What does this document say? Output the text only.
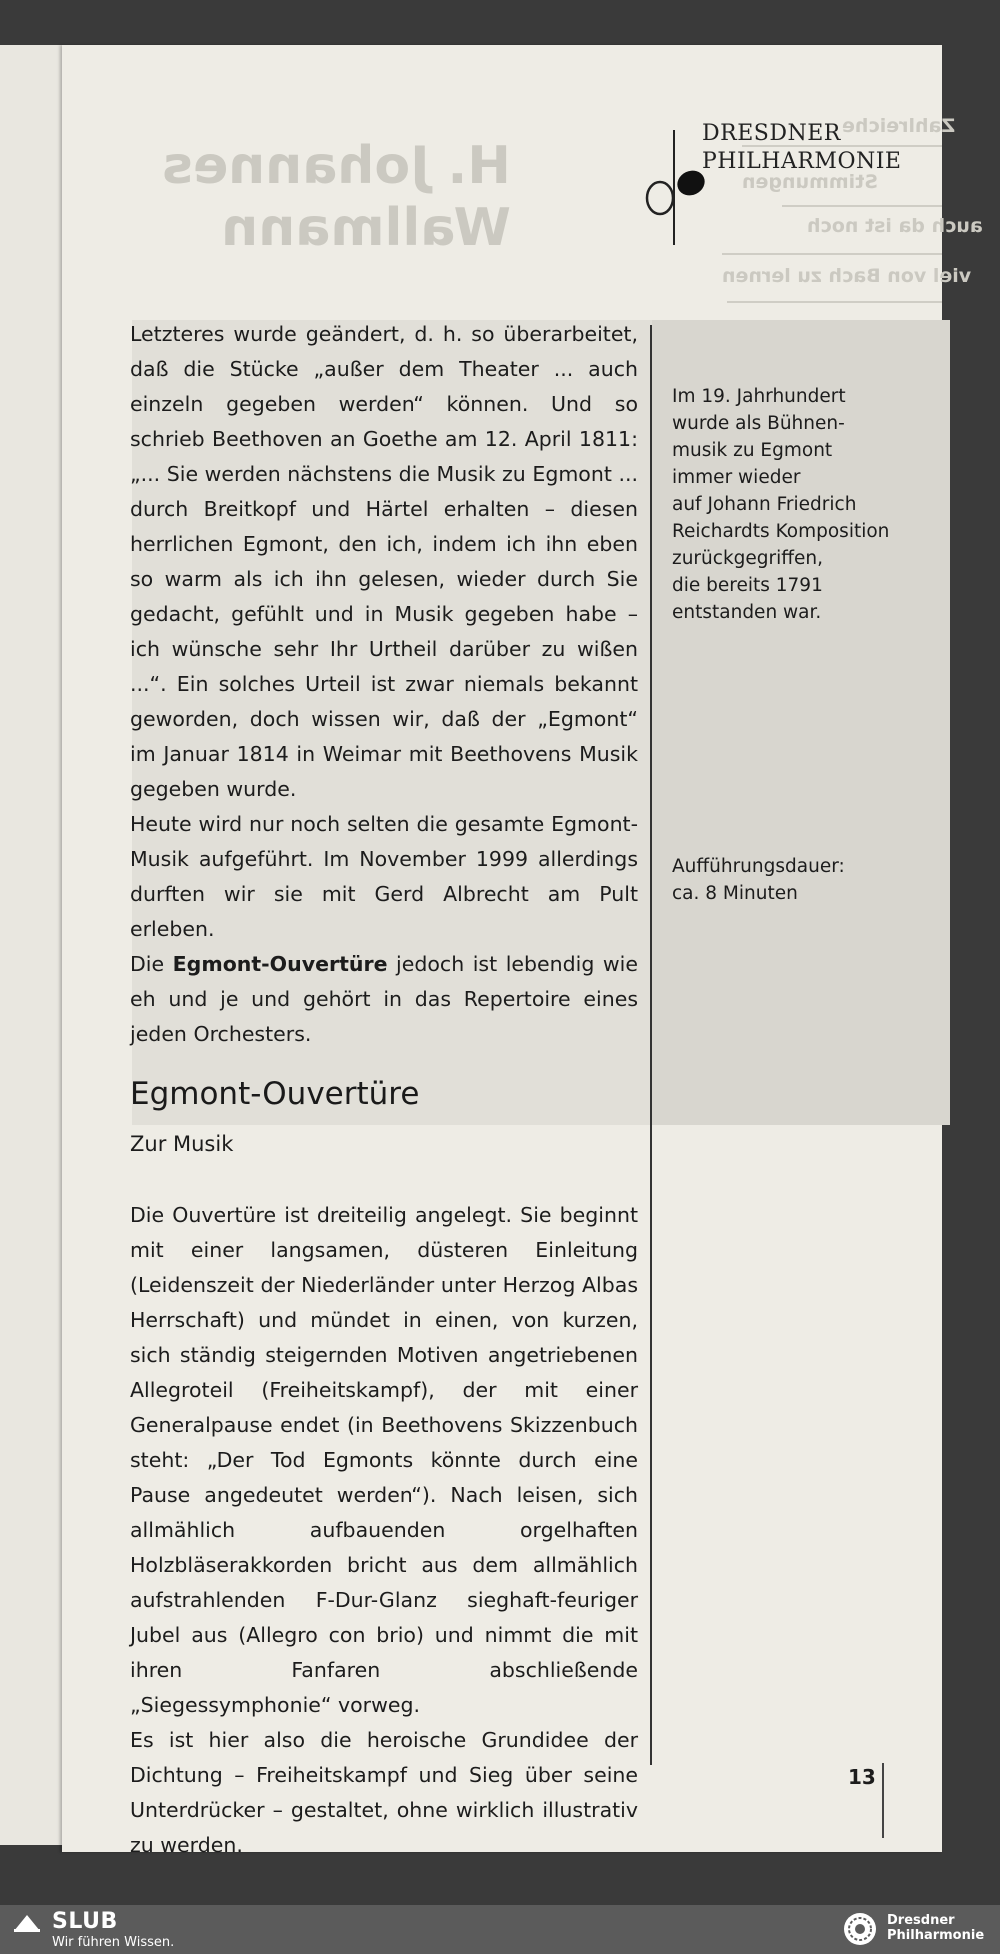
H. Johannes
Wallmann
Zahlreiche
Stimmungen
auch da ist noch
viel von Bach zu lernen
DRESDNER
PHILHARMONIE

Letzteres wurde geändert, d. h. so überarbeitet, daß die Stücke „außer dem Theater ... auch einzeln gegeben werden“ können. Und so schrieb Beethoven an Goethe am 12. April 1811: „... Sie werden nächstens die Musik zu Egmont ... durch Breitkopf und Härtel erhalten – diesen herrlichen Egmont, den ich, indem ich ihn eben so warm als ich ihn gelesen, wieder durch Sie gedacht, gefühlt und in Musik gegeben habe – ich wünsche sehr Ihr Urtheil darüber zu wißen ...“. Ein solches Urteil ist zwar niemals bekannt geworden, doch wissen wir, daß der „Egmont“ im Januar 1814 in Weimar mit Beethovens Musik gegeben wurde.

Heute wird nur noch selten die gesamte Egmont-Musik aufgeführt. Im November 1999 allerdings durften wir sie mit Gerd Albrecht am Pult erleben.

Die Egmont-Ouvertüre jedoch ist lebendig wie eh und je und gehört in das Repertoire eines jeden Orchesters.

Egmont-Ouvertüre
Zur Musik

Die Ouvertüre ist dreiteilig angelegt. Sie beginnt mit einer langsamen, düsteren Einleitung (Leidenszeit der Niederländer unter Herzog Albas Herrschaft) und mündet in einen, von kurzen, sich ständig steigernden Motiven angetriebenen Allegroteil (Freiheitskampf), der mit einer Generalpause endet (in Beethovens Skizzenbuch steht: „Der Tod Egmonts könnte durch eine Pause angedeutet werden“). Nach leisen, sich allmählich aufbauenden orgelhaften Holzbläserakkorden bricht aus dem allmählich aufstrahlenden F-Dur-Glanz sieghaft-feuriger Jubel aus (Allegro con brio) und nimmt die mit ihren Fanfaren abschließende „Siegessymphonie“ vorweg.

Es ist hier also die heroische Grundidee der Dichtung – Freiheitskampf und Sieg über seine Unterdrücker – gestaltet, ohne wirklich illustrativ zu werden.

Im 19. Jahrhundert
wurde als Bühnen-
musik zu Egmont
immer wieder
auf Johann Friedrich
Reichardts Komposition
zurückgegriffen,
die bereits 1791
entstanden war.
Aufführungsdauer:
ca. 8 Minuten
13
SLUB
Wir führen Wissen.
Dresdner
Philharmonie
